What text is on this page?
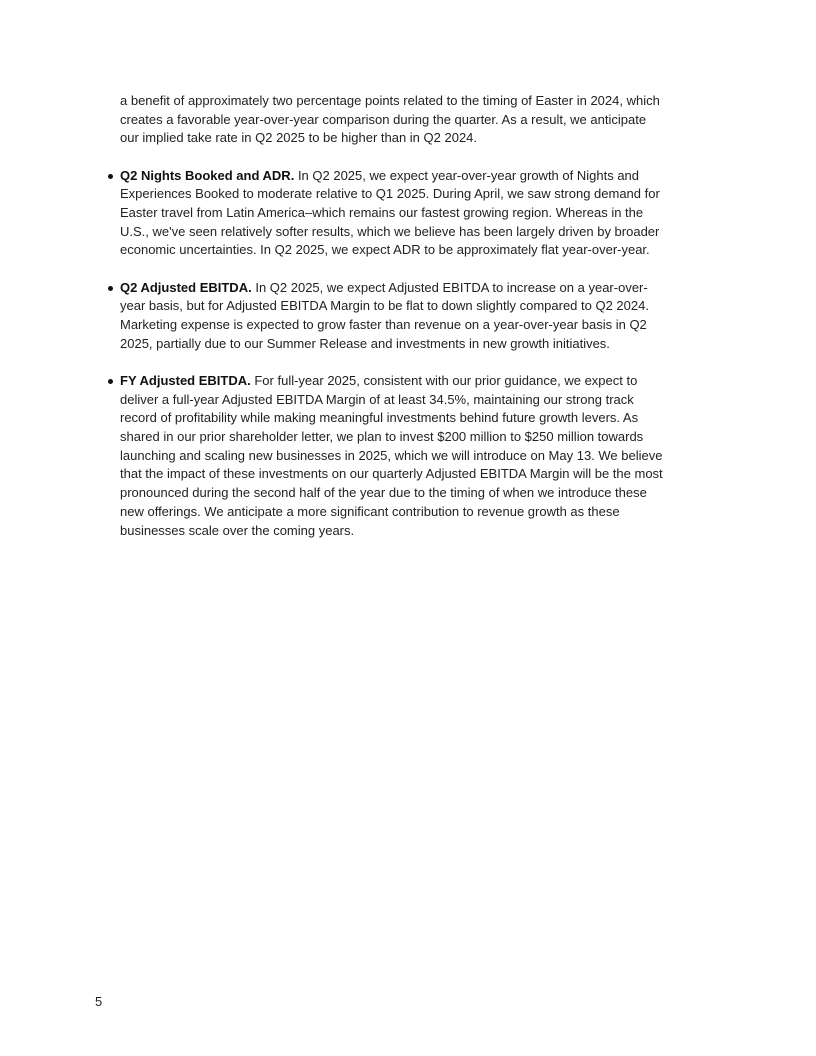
a benefit of approximately two percentage points related to the timing of Easter in 2024, which creates a favorable year-over-year comparison during the quarter. As a result, we anticipate our implied take rate in Q2 2025 to be higher than in Q2 2024.

Q2 Nights Booked and ADR. In Q2 2025, we expect year-over-year growth of Nights and Experiences Booked to moderate relative to Q1 2025. During April, we saw strong demand for Easter travel from Latin America–which remains our fastest growing region. Whereas in the U.S., we've seen relatively softer results, which we believe has been largely driven by broader economic uncertainties. In Q2 2025, we expect ADR to be approximately flat year-over-year.
Q2 Adjusted EBITDA. In Q2 2025, we expect Adjusted EBITDA to increase on a year-over-year basis, but for Adjusted EBITDA Margin to be flat to down slightly compared to Q2 2024. Marketing expense is expected to grow faster than revenue on a year-over-year basis in Q2 2025, partially due to our Summer Release and investments in new growth initiatives.
FY Adjusted EBITDA. For full-year 2025, consistent with our prior guidance, we expect to deliver a full-year Adjusted EBITDA Margin of at least 34.5%, maintaining our strong track record of profitability while making meaningful investments behind future growth levers. As shared in our prior shareholder letter, we plan to invest $200 million to $250 million towards launching and scaling new businesses in 2025, which we will introduce on May 13. We believe that the impact of these investments on our quarterly Adjusted EBITDA Margin will be the most pronounced during the second half of the year due to the timing of when we introduce these new offerings. We anticipate a more significant contribution to revenue growth as these businesses scale over the coming years.
5
